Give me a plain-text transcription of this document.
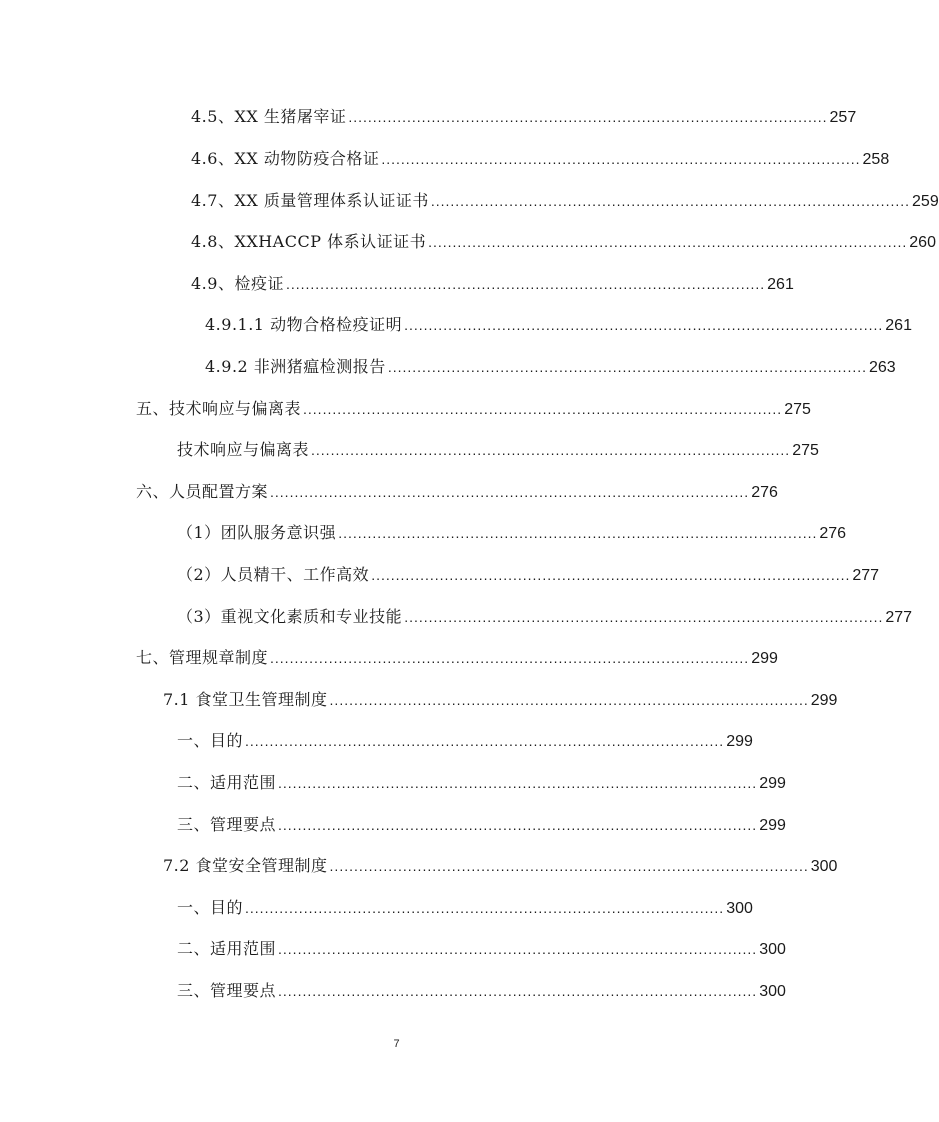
4.5、XX 生猪屠宰证 .................................................................................................. 257
4.6、XX 动物防疫合格证 .................................................................................................. 258
4.7、XX 质量管理体系认证证书 .................................................................................................. 259
4.8、XXHACCP 体系认证证书 .................................................................................................. 260
4.9、检疫证 .................................................................................................. 261
4.9.1.1 动物合格检疫证明 .................................................................................................. 261
4.9.2 非洲猪瘟检测报告 .................................................................................................. 263
五、技术响应与偏离表 .................................................................................................. 275
技术响应与偏离表 .................................................................................................. 275
六、人员配置方案 .................................................................................................. 276
（1）团队服务意识强 .................................................................................................. 276
（2）人员精干、工作高效 .................................................................................................. 277
（3）重视文化素质和专业技能 .................................................................................................. 277
七、管理规章制度 .................................................................................................. 299
7.1 食堂卫生管理制度 .................................................................................................. 299
一、目的 .................................................................................................. 299
二、适用范围 .................................................................................................. 299
三、管理要点 .................................................................................................. 299
7.2 食堂安全管理制度 .................................................................................................. 300
一、目的 .................................................................................................. 300
二、适用范围 .................................................................................................. 300
三、管理要点 .................................................................................................. 300
7
